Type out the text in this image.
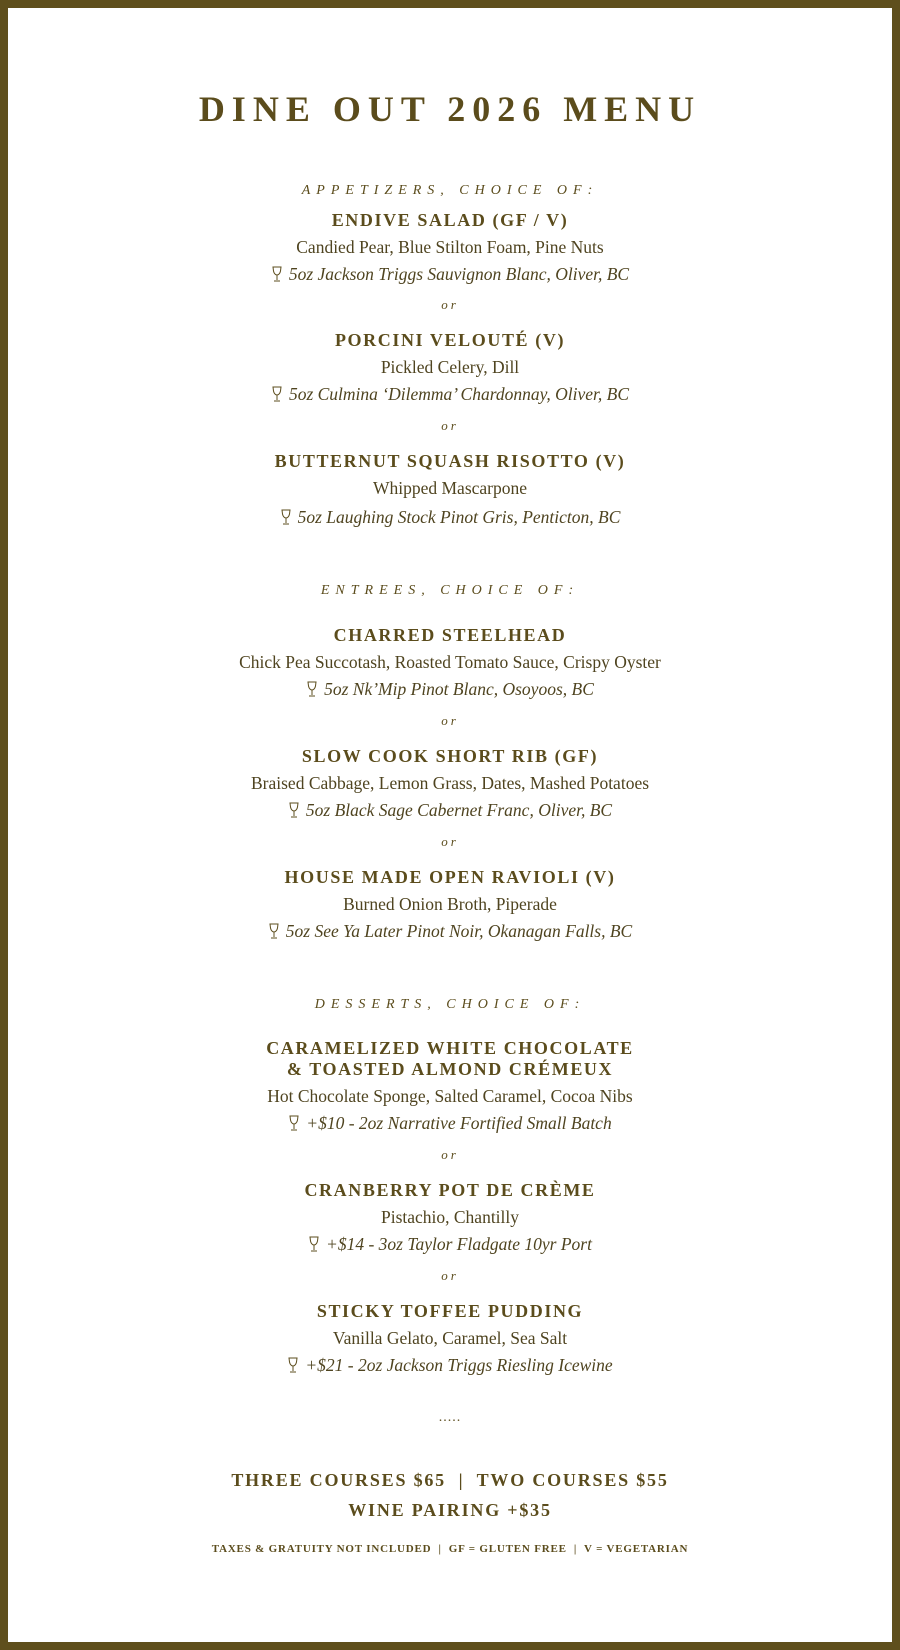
DINE OUT 2026 MENU
APPETIZERS, CHOICE OF:
ENDIVE SALAD (GF / V)
Candied Pear, Blue Stilton Foam, Pine Nuts
5oz Jackson Triggs Sauvignon Blanc, Oliver, BC
or
PORCINI VELOUTÉ (V)
Pickled Celery, Dill
5oz Culmina ‘Dilemma’ Chardonnay, Oliver, BC
or
BUTTERNUT SQUASH RISOTTO (V)
Whipped Mascarpone
5oz Laughing Stock Pinot Gris, Penticton, BC
ENTREES, CHOICE OF:
CHARRED STEELHEAD
Chick Pea Succotash, Roasted Tomato Sauce, Crispy Oyster
5oz Nk’Mip Pinot Blanc, Osoyoos, BC
or
SLOW COOK SHORT RIB (GF)
Braised Cabbage, Lemon Grass, Dates, Mashed Potatoes
5oz Black Sage Cabernet Franc, Oliver, BC
or
HOUSE MADE OPEN RAVIOLI (V)
Burned Onion Broth, Piperade
5oz See Ya Later Pinot Noir, Okanagan Falls, BC
DESSERTS, CHOICE OF:
CARAMELIZED WHITE CHOCOLATE
& TOASTED ALMOND CRÉMEUX
Hot Chocolate Sponge, Salted Caramel, Cocoa Nibs
+$10 - 2oz Narrative Fortified Small Batch
or
CRANBERRY POT DE CRÈME
Pistachio, Chantilly
+$14 - 3oz Taylor Fladgate 10yr Port
or
STICKY TOFFEE PUDDING
Vanilla Gelato, Caramel, Sea Salt
+$21 - 2oz Jackson Triggs Riesling Icewine
.....
THREE COURSES $65  |  TWO COURSES $55
WINE PAIRING +$35
TAXES & GRATUITY NOT INCLUDED  |  GF = GLUTEN FREE  |  V = VEGETARIAN
